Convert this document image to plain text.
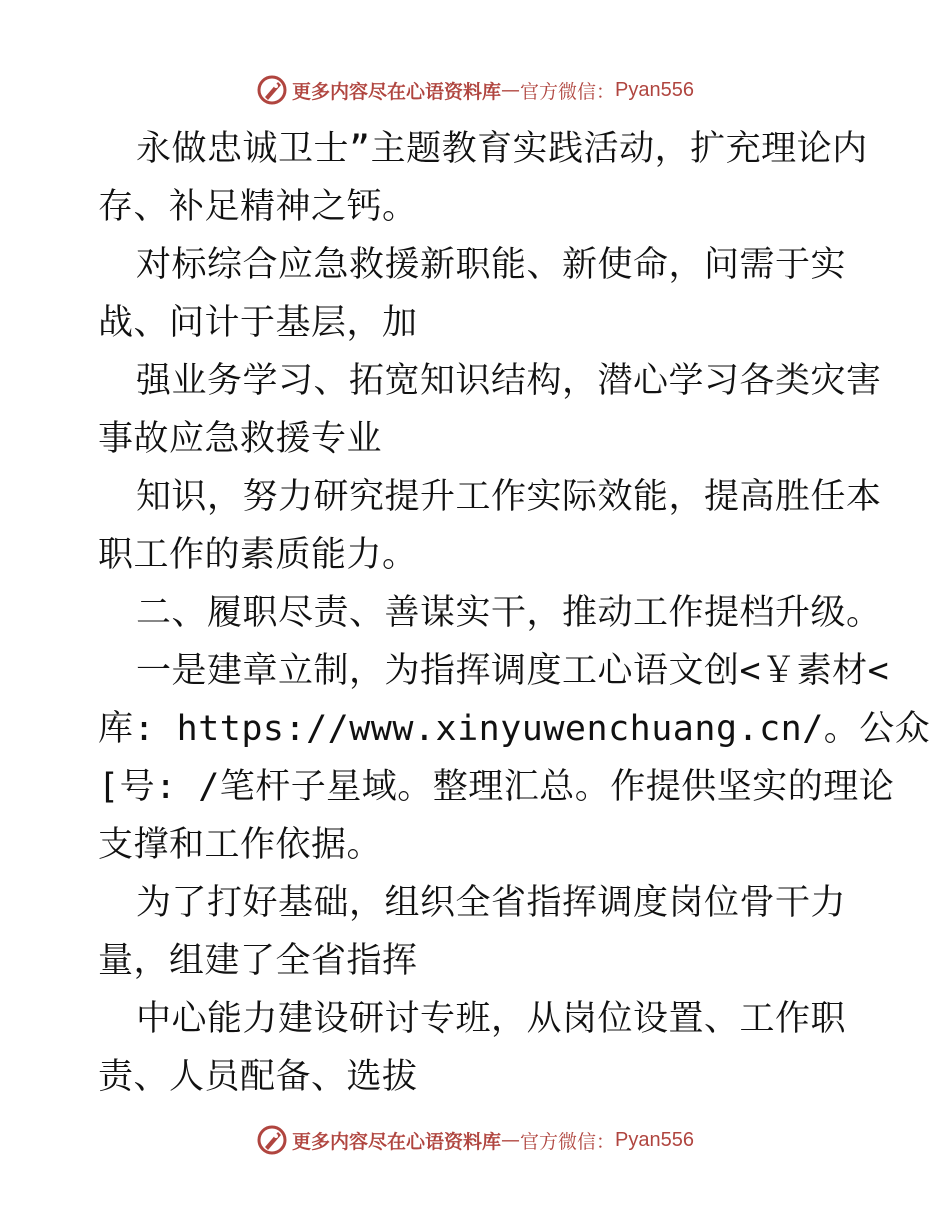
更多内容尽在心语资料库 — 官方微信： Pyan556
永做忠诚卫士”主题教育实践活动，扩充理论内
存、补足精神之钙。
对标综合应急救援新职能、新使命，问需于实
战、问计于基层，加
强业务学习、拓宽知识结构，潜心学习各类灾害
事故应急救援专业
知识，努力研究提升工作实际效能，提高胜任本
职工作的素质能力。
二、履职尽责、善谋实干，推动工作提档升级。
一是建章立制，为指挥调度工心语文创<￥素材<
库: https://www.xinyuwenchuang.cn/。公众
[号: /笔杆子星域。整理汇总。作提供坚实的理论
支撑和工作依据。
为了打好基础，组织全省指挥调度岗位骨干力
量，组建了全省指挥
中心能力建设研讨专班，从岗位设置、工作职
责、人员配备、选拔
更多内容尽在心语资料库 — 官方微信： Pyan556
